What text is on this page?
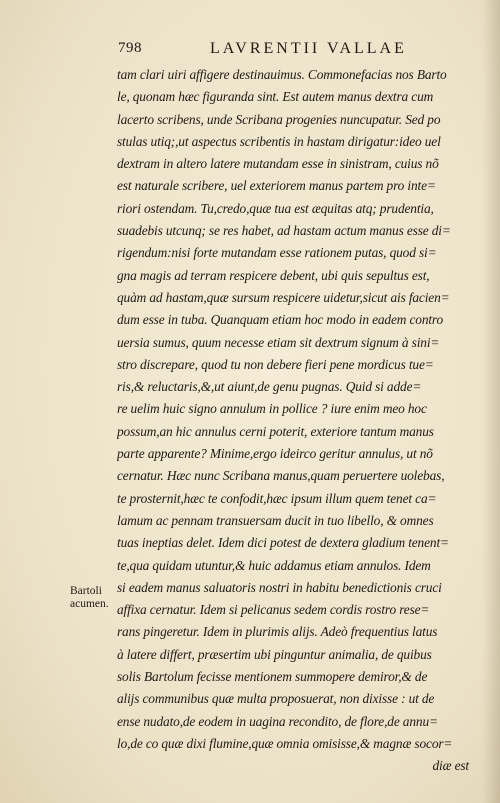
798	LAVRENTII VALLAE
Bartoli
acumen.
tam clari uiri affigere destinauimus. Commonefacias nos Barto
le, quonam hæc figuranda sint. Est autem manus dextra cum
lacerto scribens, unde Scribana progenies nuncupatur. Sed po
stulas utiq;,ut aspectus scribentis in hastam dirigatur:ideo uel
dextram in altero latere mutandam esse in sinistram, cuius nõ
est naturale scribere, uel exteriorem manus partem pro inte=
riori ostendam. Tu,credo,quæ tua est æquitas atq; prudentia,
suadebis utcunq; se res habet, ad hastam actum manus esse di=
rigendum:nisi forte mutandam esse rationem putas, quod si=
gna magis ad terram respicere debent, ubi quis sepultus est,
quàm ad hastam,quæ sursum respicere uidetur,sicut ais facien=
dum esse in tuba. Quanquam etiam hoc modo in eadem contro
uersia sumus, quum necesse etiam sit dextrum signum à sini=
stro discrepare, quod tu non debere fieri pene mordicus tue=
ris,& reluctaris,&,ut aiunt,de genu pugnas. Quid si adde=
re uelim huic signo annulum in pollice ? iure enim meo hoc
possum,an hic annulus cerni poterit, exteriore tantum manus
parte apparente? Minime,ergo ideirco geritur annulus, ut nõ
cernatur. Hæc nunc Scribana manus,quam peruertere uolebas,
te prosternit,hæc te confodit,hæc ipsum illum quem tenet ca=
lamum ac pennam transuersam ducit in tuo libello, & omnes
tuas ineptias delet. Idem dici potest de dextera gladium tenent=
te,qua quidam utuntur,& huic addamus etiam annulos. Idem
si eadem manus saluatoris nostri in habitu benedictionis cruci
affixa cernatur. Idem si pelicanus sedem cordis rostro rese=
rans pingeretur. Idem in plurimis alijs. Adeò frequentius latus
à latere differt, præsertim ubi pinguntur animalia, de quibus
solis Bartolum fecisse mentionem summopere demiror,& de
alijs communibus quæ multa proposuerat, non dixisse : ut de
ense nudato,de eodem in uagina recondito, de flore,de annu=
lo,de co quæ dixi flumine,quæ omnia omisisse,& magnæ socor=
diæ est
